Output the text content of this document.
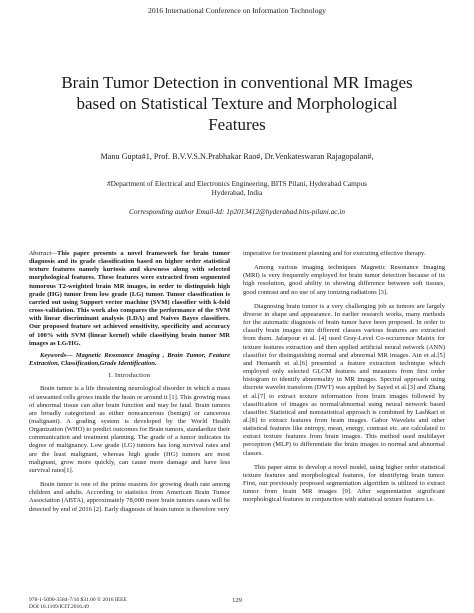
2016 International Conference on Information Technology
Brain Tumor Detection in conventional MR Images
based on Statistical Texture and Morphological
Features
Manu Gupta#1, Prof. B.V.V.S.N.Prabhakar Rao#, Dr.Venkateswaran Rajagopalan#,
#Department of Electrical and Electronics Engineering, BITS Pilani, Hyderabad Campus
Hyderabad, India
Corresponding author Email-Id: 1p2013412@hyderabad.bits-pilani.ac.in

Abstract—This paper presents a novel framework for brain tumor diagnosis and its grade classification based on higher order statistical texture features namely kurtosis and skewness along with selected morphological features. These features were extracted from segmented tumorous T2-weighted brain MR images, in order to distinguish high grade (HG) tumor from low grade (LG) tumor. Tumor classification is carried out using Support vector machine (SVM) classifier with k-fold cross-validation. This work also compares the performance of the SVM with linear discriminant analysis (LDA) and Naives Bayes classifiers. Our proposed feature set achieved sensitivity, specificity and accuracy of 100% with SVM (linear kernel) while classifying brain tumor MR images as LG/HG.

Keywords— Magnetic Resonance Imaging , Brain Tumor, Feature Extraction, Classification,Grade Identification.

I. Introduction

Brain tumor is a life threatening neurological disorder in which a mass of unwanted cells grows inside the brain or around it [1]. This growing mass of abnormal tissue can alter brain function and may be fatal. Brain tumors are broadly categorized as either noncancerous (benign) or cancerous (malignant). A grading system is developed by the World Health Organization (WHO) to predict outcomes for Brain tumors, standardize their communication and treatment planning. The grade of a tumor indicates its degree of malignancy. Low grade (LG) tumors has long survival rates and are the least malignant, whereas high grade (HG) tumors are most malignant, grow more quickly, can cause more damage and have less survival rates[1].

Brain tumor is one of the prime reasons for growing death rate among children and adults. According to statistics from American Brain Tumor Association (ABTA), approximately 78,000 more brain tumors cases will be detected by end of 2016 [2]. Early diagnosis of brain tumor is therefore very

imperative for treatment planning and for executing effective therapy.

Among various imaging techniques Magnetic Resonance Imaging (MRI) is very frequently employed for brain tumor detection because of its high resolution, good ability in showing difference between soft tissues, good contrast and no use of any ionizing radiations [3].

Diagnosing brain tumor is a very challenging job as tumors are largely diverse in shape and appearance. In earlier research works, many methods for the automatic diagnosis of brain tumor have been proposed. In order to classify brain images into different classes various features are extracted from them. Jafarpour et al. [4] used Gray-Level Co-occurrence Matrix for texture features extraction and then applied artificial neural network (ANN) classifier for distinguishing normal and abnormal MR images. Ain et al.[5] and Hemanth et al.[6] presented a feature extraction technique which employed only selected GLCM features and measures from first order histogram to identify abnormality in MR images. Spectral approach using discrete wavelet transform (DWT) was applied by Sayed et al.[3] and Zhang et al.[7] to extract texture information from brain images followed by classification of images as normal/abnormal using neural network based classifier. Statistical and nonstatistical approach is combined by Lashkari et al.[8] to extract features from brain images. Gabor Wavelets and other statistical features like entropy, mean, energy, contrast etc. are calculated to extract texture features from brain images. This method used multilayer perceptron (MLP) to differentiate the brain images to normal and abnormal classes.

This paper aims to develop a novel model, using higher order statistical texture features and morphological features, for identifying brain tumor. First, our previously proposed segmentation algorithm is utilized to extract tumor from brain MR images [9]. After segmentation significant morphological features in conjunction with statistical texture features i.e.

978-1-5090-3584-7/16 $31.00 © 2016 IEEE
DOI 10.1109/ICIT.2016.49
129
